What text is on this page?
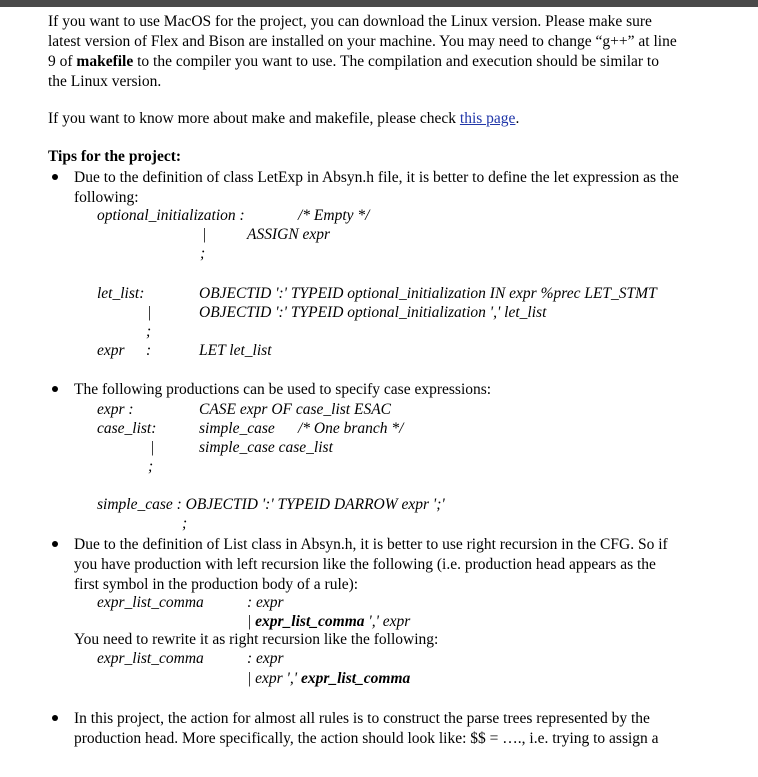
If you want to use MacOS for the project, you can download the Linux version. Please make sure
latest version of Flex and Bison are installed on your machine. You may need to change “g++” at line
9 of makefile to the compiler you want to use. The compilation and execution should be similar to
the Linux version.
If you want to know more about make and makefile, please check this page.
Tips for the project:
Due to the definition of class LetExp in Absyn.h file, it is better to define the let expression as the
following:
optional_initialization :	/* Empty */
|	ASSIGN expr
;
let_list:	OBJECTID ':' TYPEID optional_initialization IN expr %prec LET_STMT
|	OBJECTID ':' TYPEID optional_initialization ',' let_list
;
expr :	LET let_list
The following productions can be used to specify case expressions:
expr :	CASE expr OF case_list ESAC
case_list:	simple_case /* One branch */
|	simple_case case_list
;
simple_case : OBJECTID ':' TYPEID DARROW expr ';'
;
Due to the definition of List class in Absyn.h, it is better to use right recursion in the CFG. So if
you have production with left recursion like the following (i.e. production head appears as the
first symbol in the production body of a rule):
expr_list_comma	: expr
| expr_list_comma ',' expr
You need to rewrite it as right recursion like the following:
expr_list_comma	: expr
| expr ',' expr_list_comma
In this project, the action for almost all rules is to construct the parse trees represented by the
production head. More specifically, the action should look like: $$ = …., i.e. trying to assign a
